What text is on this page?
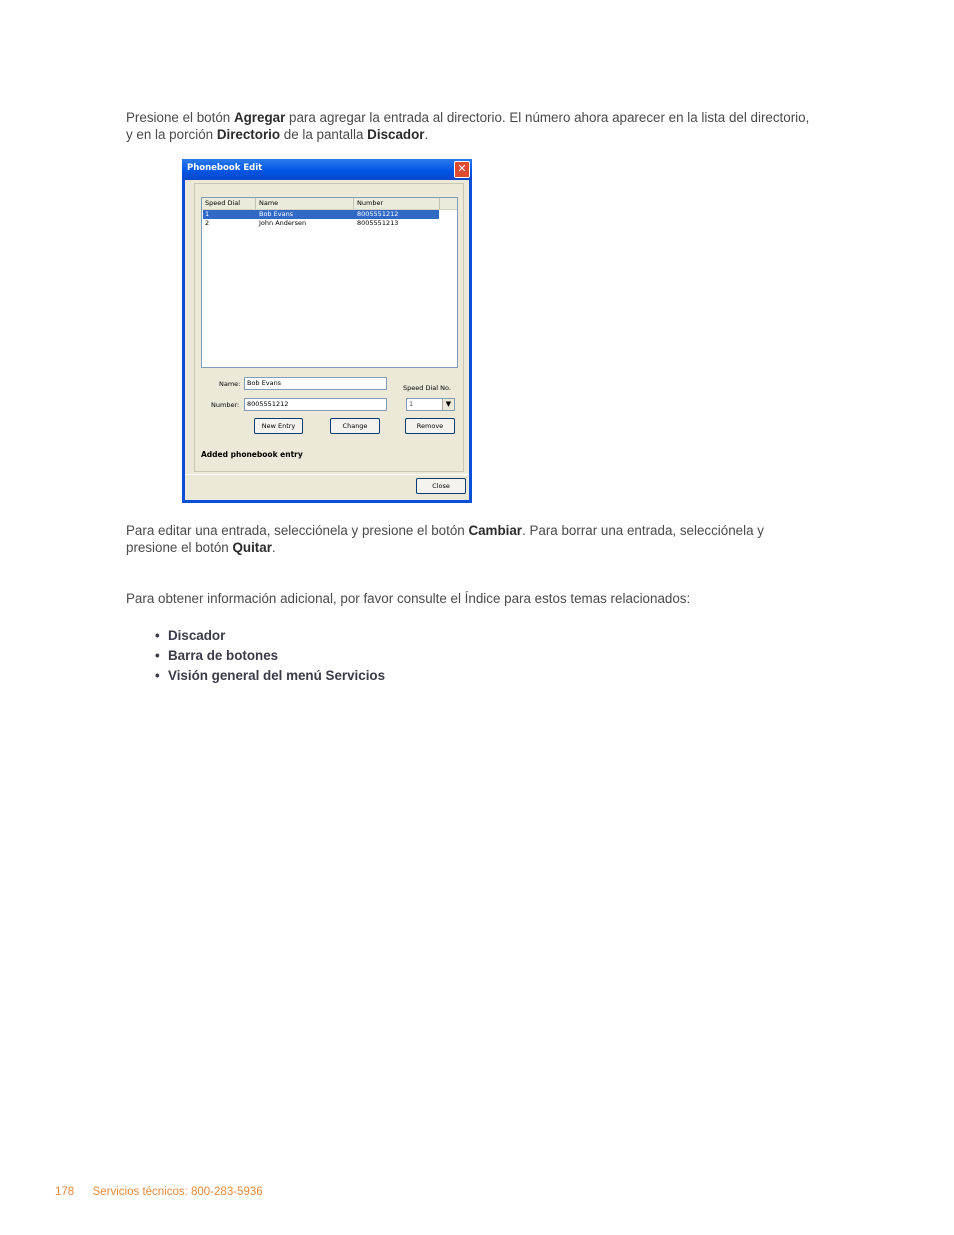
Presione el botón Agregar para agregar la entrada al directorio. El número ahora aparecer en la lista del directorio,
y en la porción Directorio de la pantalla Discador.
Phonebook Edit	✕
Speed Dial	Name	Number
1	Bob Evans	8005551212
2	John Andersen	8005551213
Name:	Bob Evans
Speed Dial No.
Number:	8005551212	1	▼
New Entry	Change	Remove
Added phonebook entry
Close
Para editar una entrada, selecciónela y presione el botón Cambiar. Para borrar una entrada, selecciónela y
presione el botón Quitar.
Para obtener información adicional, por favor consulte el Índice para estos temas relacionados:
• Discador
• Barra de botones
• Visión general del menú Servicios
178 Servicios técnicos: 800-283-5936
